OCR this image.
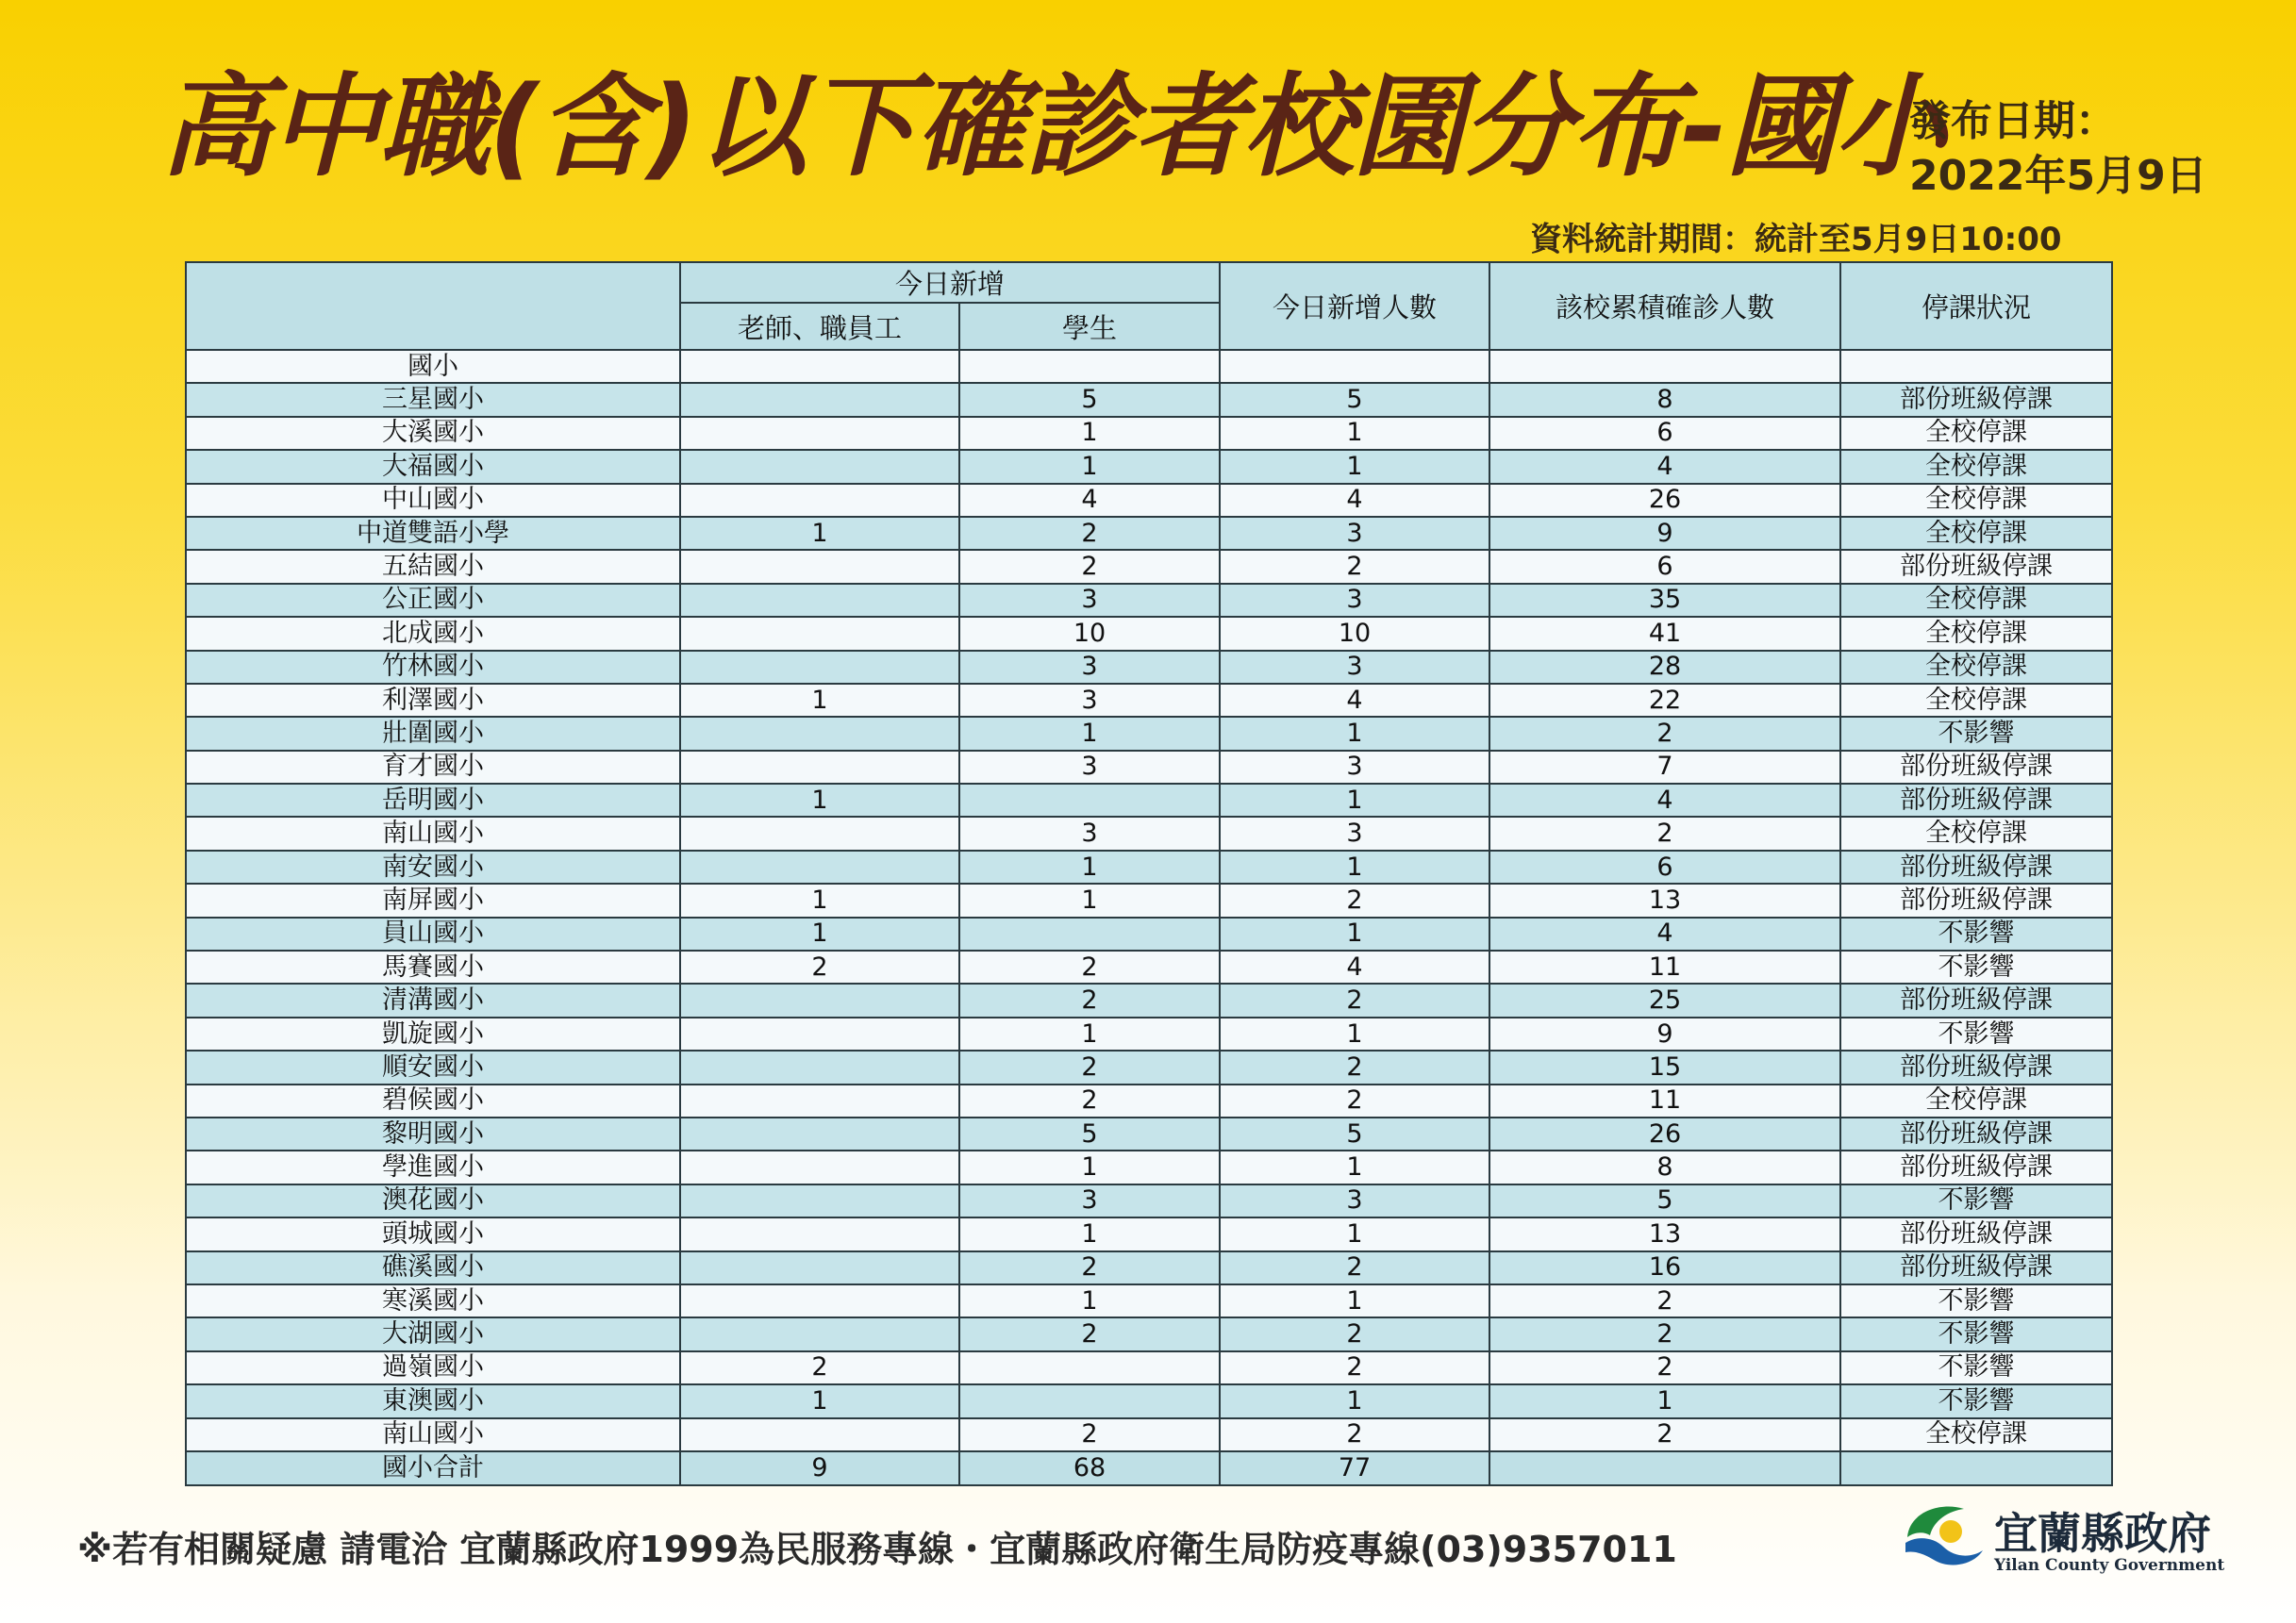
高中職(含)以下確診者校園分布-國小
發布日期：
2022年5月9日
資料統計期間：統計至5月9日10:00
	今日新增		今日新增人數	該校累積確診人數	停課狀況
	老師、職員工	學生			
國小					
三星國小		5	5	8	部份班級停課
大溪國小		1	1	6	全校停課
大福國小		1	1	4	全校停課
中山國小		4	4	26	全校停課
中道雙語小學	1	2	3	9	全校停課
五結國小		2	2	6	部份班級停課
公正國小		3	3	35	全校停課
北成國小		10	10	41	全校停課
竹林國小		3	3	28	全校停課
利澤國小	1	3	4	22	全校停課
壯圍國小		1	1	2	不影響
育才國小		3	3	7	部份班級停課
岳明國小	1		1	4	部份班級停課
南山國小		3	3	2	全校停課
南安國小		1	1	6	部份班級停課
南屏國小	1	1	2	13	部份班級停課
員山國小	1		1	4	不影響
馬賽國小	2	2	4	11	不影響
清溝國小		2	2	25	部份班級停課
凱旋國小		1	1	9	不影響
順安國小		2	2	15	部份班級停課
碧候國小		2	2	11	全校停課
黎明國小		5	5	26	部份班級停課
學進國小		1	1	8	部份班級停課
澳花國小		3	3	5	不影響
頭城國小		1	1	13	部份班級停課
礁溪國小		2	2	16	部份班級停課
寒溪國小		1	1	2	不影響
大湖國小		2	2	2	不影響
過嶺國小	2		2	2	不影響
東澳國小	1		1	1	不影響
南山國小		2	2	2	全校停課
國小合計	9	68	77		
※若有相關疑慮 請電洽 宜蘭縣政府1999為民服務專線・宜蘭縣政府衛生局防疫專線(03)9357011	宜蘭縣政府
Yilan County Government
